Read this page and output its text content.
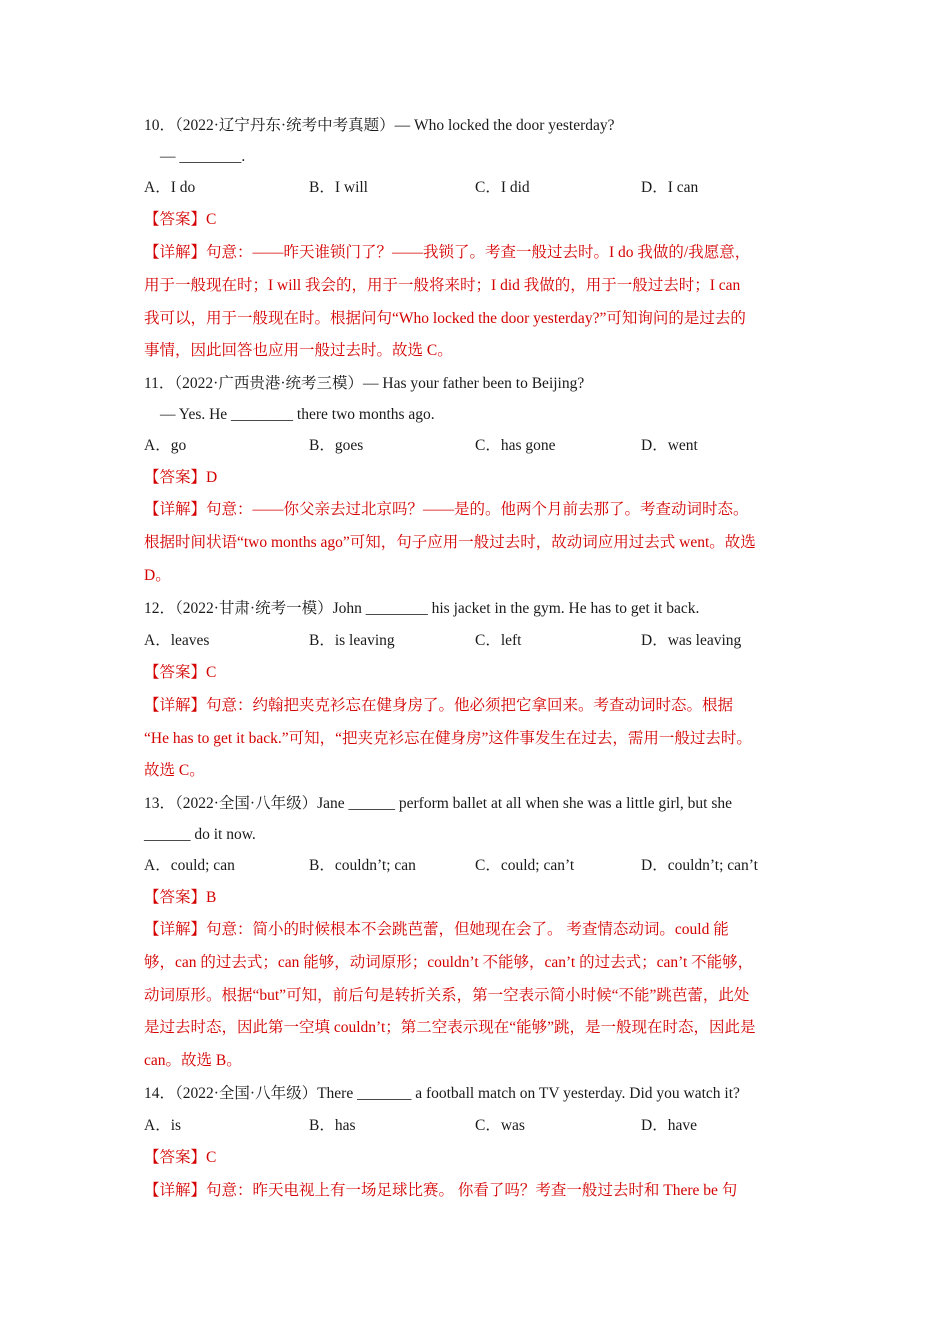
10．（2022·辽宁丹东·统考中考真题）— Who locked the door yesterday?
— ________.
A．I do	B．I will	C．I did	D．I can
【答案】C
【详解】句意：——昨天谁锁门了？——我锁了。考查一般过去时。I do 我做的/我愿意，
用于一般现在时；I will 我会的，用于一般将来时；I did 我做的，用于一般过去时；I can
我可以，用于一般现在时。根据问句“Who locked the door yesterday?”可知询问的是过去的
事情，因此回答也应用一般过去时。故选 C。
11．（2022·广西贵港·统考三模）— Has your father been to Beijing?
— Yes. He ________ there two months ago.
A．go	B．goes	C．has gone	D．went
【答案】D
【详解】句意：——你父亲去过北京吗？——是的。他两个月前去那了。考查动词时态。
根据时间状语“two months ago”可知，句子应用一般过去时，故动词应用过去式 went。故选
D。
12．（2022·甘肃·统考一模）John ________ his jacket in the gym. He has to get it back.
A．leaves	B．is leaving	C．left	D．was leaving
【答案】C
【详解】句意：约翰把夹克衫忘在健身房了。他必须把它拿回来。考查动词时态。根据
“He has to get it back.”可知，“把夹克衫忘在健身房”这件事发生在过去，需用一般过去时。
故选 C。
13．（2022·全国·八年级）Jane ______ perform ballet at all when she was a little girl, but she
______ do it now.
A．could; can	B．couldn’t; can	C．could; can’t	D．couldn’t; can’t
【答案】B
【详解】句意：简小的时候根本不会跳芭蕾，但她现在会了。 考查情态动词。could 能
够，can 的过去式；can 能够，动词原形；couldn’t 不能够，can’t 的过去式；can’t 不能够，
动词原形。根据“but”可知，前后句是转折关系，第一空表示简小时候“不能”跳芭蕾，此处
是过去时态，因此第一空填 couldn’t；第二空表示现在“能够”跳，是一般现在时态，因此是
can。故选 B。
14．（2022·全国·八年级）There _______ a football match on TV yesterday. Did you watch it?
A．is	B．has	C．was	D．have
【答案】C
【详解】句意：昨天电视上有一场足球比赛。 你看了吗？考查一般过去时和 There be 句
